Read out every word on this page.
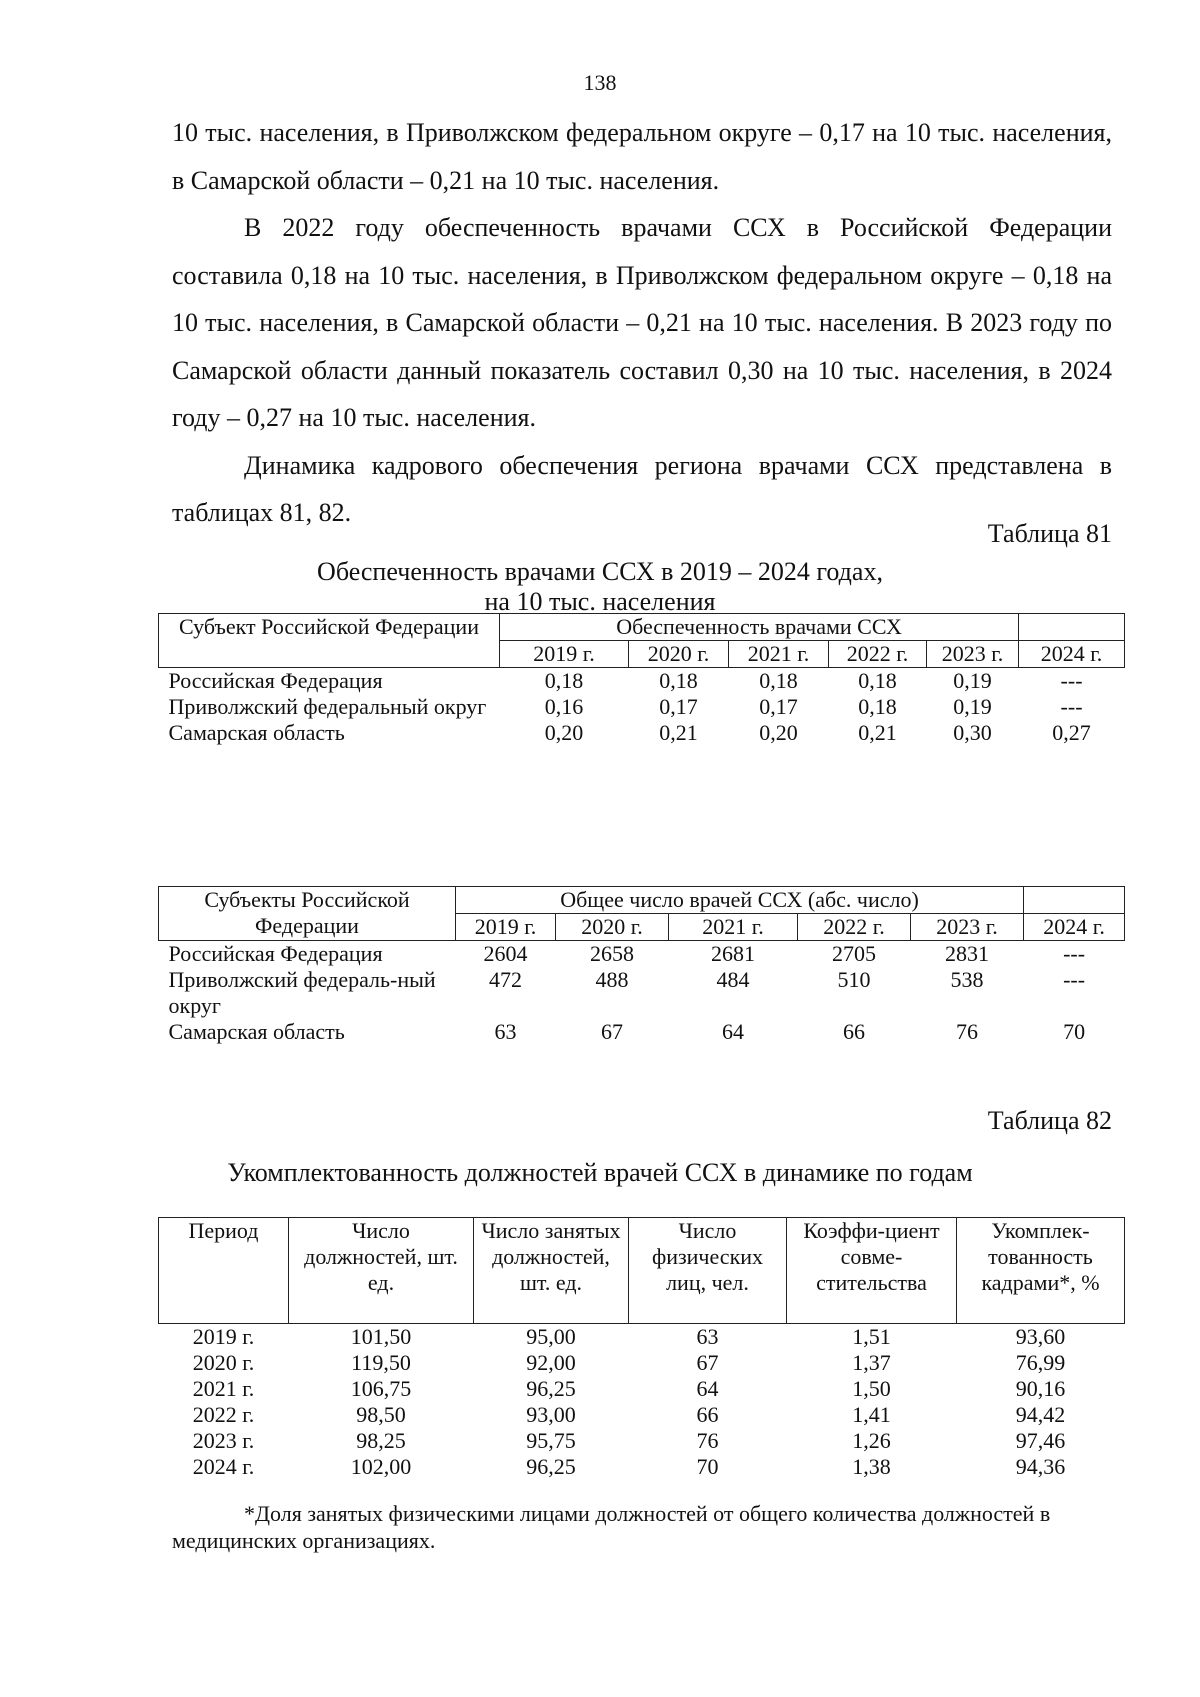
138

10 тыс. населения, в Приволжском федеральном округе – 0,17 на 10 тыс. населения, в Самарской области – 0,21 на 10 тыс. населения.

В 2022 году обеспеченность врачами ССХ в Российской Федерации составила 0,18 на 10 тыс. населения, в Приволжском федеральном округе – 0,18 на 10 тыс. населения, в Самарской области – 0,21 на 10 тыс. населения. В 2023 году по Самарской области данный показатель составил 0,30 на 10 тыс. населения, в 2024 году – 0,27 на 10 тыс. населения.

Динамика кадрового обеспечения региона врачами ССХ представлена в таблицах 81, 82.

Таблица 81
Обеспеченность врачами ССХ в 2019 – 2024 годах,
на 10 тыс. населения
Субъект Российской Федерации	Обеспеченность врачами ССХ					
	2019 г.	2020 г.	2021 г.	2022 г.	2023 г.	2024 г.
Российская Федерация	0,18	0,18	0,18	0,18	0,19	---
Приволжский федеральный округ	0,16	0,17	0,17	0,18	0,19	---
Самарская область	0,20	0,21	0,20	0,21	0,30	0,27
Субъекты Российской Федерации	Общее число врачей ССХ (абс. число)					
	2019 г.	2020 г.	2021 г.	2022 г.	2023 г.	2024 г.
Российская Федерация	2604	2658	2681	2705	2831	---
Приволжский федераль-ный округ	472	488	484	510	538	---
Самарская область	63	67	64	66	76	70
Таблица 82
Укомплектованность должностей врачей ССХ в динамике по годам
Период	Число должностей, шт. ед.	Число занятых должностей, шт. ед.	Число физических лиц, чел.	Коэффи-циент совме-стительства	Укомплек-тованность кадрами*, %
2019 г.	101,50	95,00	63	1,51	93,60
2020 г.	119,50	92,00	67	1,37	76,99
2021 г.	106,75	96,25	64	1,50	90,16
2022 г.	98,50	93,00	66	1,41	94,42
2023 г.	98,25	95,75	76	1,26	97,46
2024 г.	102,00	96,25	70	1,38	94,36
*Доля занятых физическими лицами должностей от общего количества должностей в медицинских организациях.
